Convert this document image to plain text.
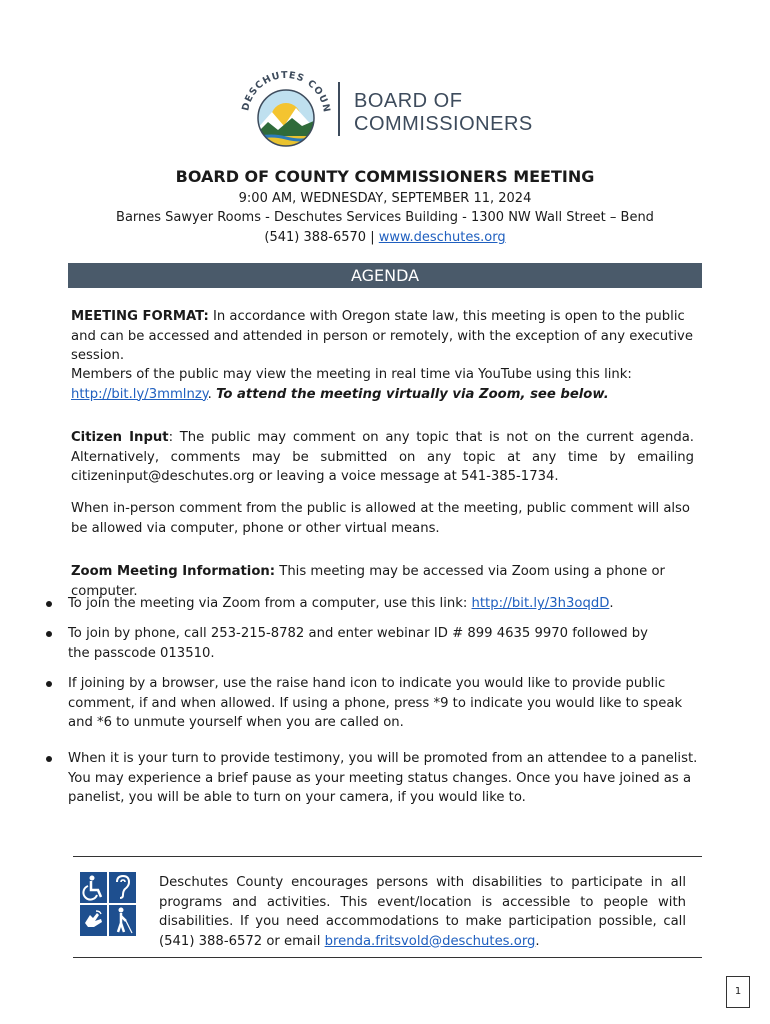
DESCHUTES COUN BOARD OF
COMMISSIONERS
BOARD OF COUNTY COMMISSIONERS MEETING
9:00 AM, WEDNESDAY, SEPTEMBER 11, 2024
Barnes Sawyer Rooms - Deschutes Services Building - 1300 NW Wall Street – Bend
(541) 388-6570 | www.deschutes.org
AGENDA

MEETING FORMAT: In accordance with Oregon state law, this meeting is open to the public and can be accessed and attended in person or remotely, with the exception of any executive session.

Members of the public may view the meeting in real time via YouTube using this link:
http://bit.ly/3mmlnzy. To attend the meeting virtually via Zoom, see below.

Citizen Input: The public may comment on any topic that is not on the current agenda. Alternatively, comments may be submitted on any topic at any time by emailing citizeninput@deschutes.org or leaving a voice message at 541-385-1734.

When in-person comment from the public is allowed at the meeting, public comment will also be allowed via computer, phone or other virtual means.

Zoom Meeting Information: This meeting may be accessed via Zoom using a phone or computer.

To join the meeting via Zoom from a computer, use this link: http://bit.ly/3h3oqdD.

To join by phone, call 253-215-8782 and enter webinar ID # 899 4635 9970 followed by the passcode 013510.

If joining by a browser, use the raise hand icon to indicate you would like to provide public comment, if and when allowed. If using a phone, press *9 to indicate you would like to speak and *6 to unmute yourself when you are called on.

When it is your turn to provide testimony, you will be promoted from an attendee to a panelist. You may experience a brief pause as your meeting status changes. Once you have joined as a panelist, you will be able to turn on your camera, if you would like to.

Deschutes County encourages persons with disabilities to participate in all programs and activities. This event/location is accessible to people with disabilities. If you need accommodations to make participation possible, call (541) 388-6572 or email brenda.fritsvold@deschutes.org.

1
